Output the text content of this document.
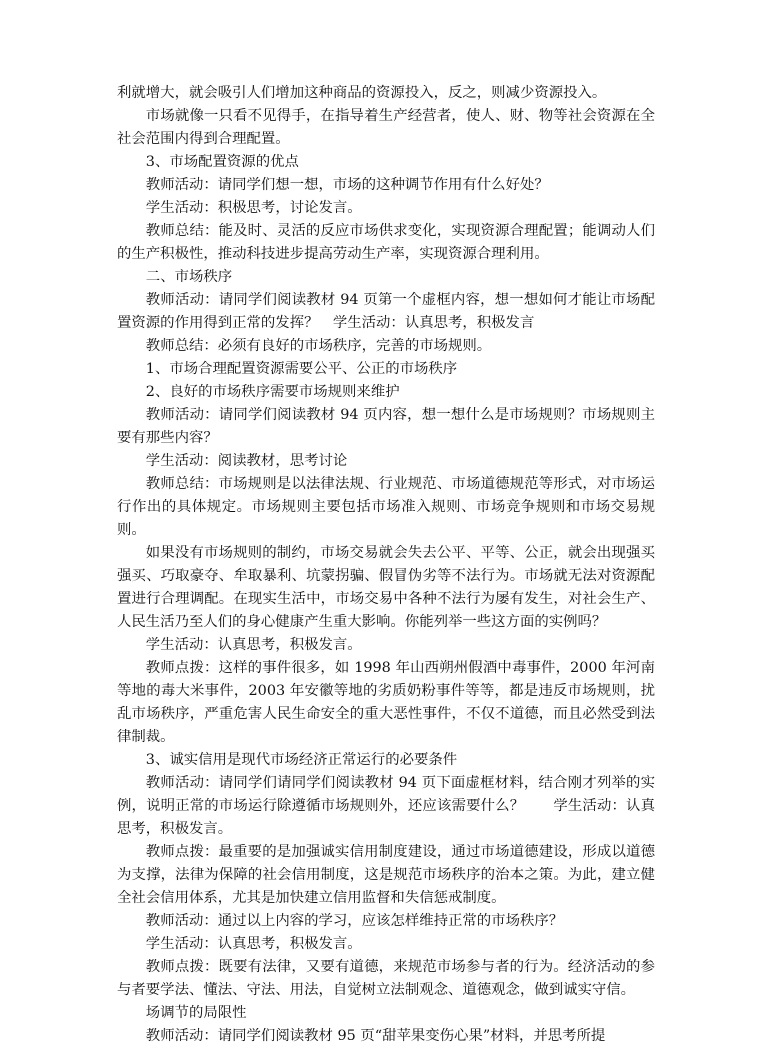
利就增大，就会吸引人们增加这种商品的资源投入，反之，则减少资源投入。

市场就像一只看不见得手，在指导着生产经营者，使人、财、物等社会资源在全社会范围内得到合理配置。

3、市场配置资源的优点

教师活动：请同学们想一想，市场的这种调节作用有什么好处？

学生活动：积极思考，讨论发言。

教师总结：能及时、灵活的反应市场供求变化，实现资源合理配置；能调动人们的生产积极性，推动科技进步提高劳动生产率，实现资源合理利用。

二、市场秩序

教师活动：请同学们阅读教材 94 页第一个虚框内容，想一想如何才能让市场配置资源的作用得到正常的发挥？　学生活动：认真思考，积极发言

教师总结：必须有良好的市场秩序，完善的市场规则。

1、市场合理配置资源需要公平、公正的市场秩序

2、良好的市场秩序需要市场规则来维护

教师活动：请同学们阅读教材 94 页内容，想一想什么是市场规则？市场规则主要有那些内容？

学生活动：阅读教材，思考讨论

教师总结：市场规则是以法律法规、行业规范、市场道德规范等形式，对市场运行作出的具体规定。市场规则主要包括市场准入规则、市场竞争规则和市场交易规则。

如果没有市场规则的制约，市场交易就会失去公平、平等、公正，就会出现强买强买、巧取豪夺、牟取暴利、坑蒙拐骗、假冒伪劣等不法行为。市场就无法对资源配置进行合理调配。在现实生活中，市场交易中各种不法行为屡有发生，对社会生产、人民生活乃至人们的身心健康产生重大影响。你能列举一些这方面的实例吗？

学生活动：认真思考，积极发言。

教师点拨：这样的事件很多，如 1998 年山西朔州假酒中毒事件，2000 年河南等地的毒大米事件，2003 年安徽等地的劣质奶粉事件等等，都是违反市场规则，扰乱市场秩序，严重危害人民生命安全的重大恶性事件，不仅不道德，而且必然受到法律制裁。

3、诚实信用是现代市场经济正常运行的必要条件

教师活动：请同学们请同学们阅读教材 94 页下面虚框材料，结合刚才列举的实例，说明正常的市场运行除遵循市场规则外，还应该需要什么？　　学生活动：认真思考，积极发言。

教师点拨：最重要的是加强诚实信用制度建设，通过市场道德建设，形成以道德为支撑，法律为保障的社会信用制度，这是规范市场秩序的治本之策。为此，建立健全社会信用体系，尤其是加快建立信用监督和失信惩戒制度。

教师活动：通过以上内容的学习，应该怎样维持正常的市场秩序？

学生活动：认真思考，积极发言。

教师点拨：既要有法律，又要有道德，来规范市场参与者的行为。经济活动的参与者要学法、懂法、守法、用法，自觉树立法制观念、道德观念，做到诚实守信。

场调节的局限性

教师活动：请同学们阅读教材 95 页“甜苹果变伤心果”材料，并思考所提
